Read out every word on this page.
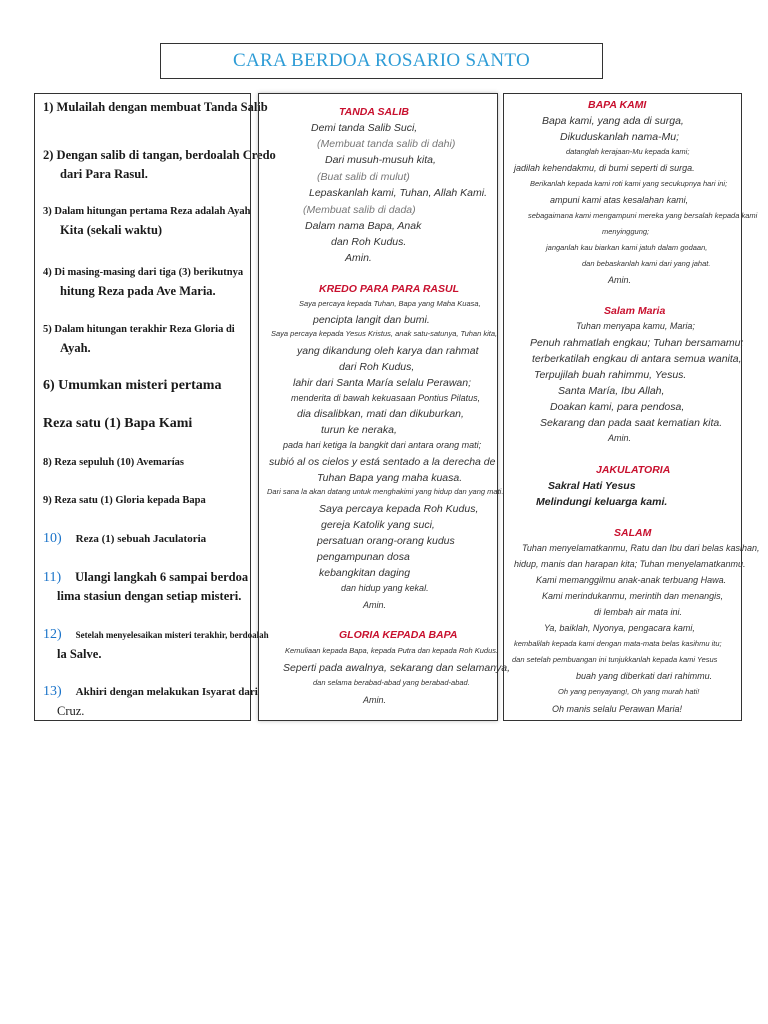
CARA BERDOA ROSARIO SANTO
1) Mulailah dengan membuat Tanda Salib
2) Dengan salib di tangan, berdoalah Credo
dari Para Rasul.
3) Dalam hitungan pertama Reza adalah Ayah
Kita (sekali waktu)
4) Di masing-masing dari tiga (3) berikutnya
hitung Reza pada Ave Maria.
5) Dalam hitungan terakhir Reza Gloria di
Ayah.
6) Umumkan misteri pertama
Reza satu (1) Bapa Kami
8) Reza sepuluh (10) Avemarías
9) Reza satu (1) Gloria kepada Bapa
10) Reza (1) sebuah Jaculatoria
11) Ulangi langkah 6 sampai berdoa
lima stasiun dengan setiap misteri.
12) Setelah menyelesaikan misteri terakhir, berdoalah
la Salve.
13) Akhiri dengan melakukan Isyarat dari
Cruz.
TANDA SALIB
Demi tanda Salib Suci,
(Membuat tanda salib di dahi)
Dari musuh-musuh kita,
(Buat salib di mulut)
Lepaskanlah kami, Tuhan, Allah Kami.
(Membuat salib di dada)
Dalam nama Bapa, Anak
dan Roh Kudus.
Amin.
KREDO PARA PARA RASUL
Saya percaya kepada Tuhan, Bapa yang Maha Kuasa,
pencipta langit dan bumi.
Saya percaya kepada Yesus Kristus, anak satu-satunya, Tuhan kita,
yang dikandung oleh karya dan rahmat
dari Roh Kudus,
lahir dari Santa María selalu Perawan;
menderita di bawah kekuasaan Pontius Pilatus,
dia disalibkan, mati dan dikuburkan,
turun ke neraka,
pada hari ketiga la bangkit dari antara orang mati;
subió al os cielos y está sentado a la derecha de
Tuhan Bapa yang maha kuasa.
Dari sana la akan datang untuk menghakimi yang hidup dan yang mati.
Saya percaya kepada Roh Kudus,
gereja Katolik yang suci,
persatuan orang-orang kudus
pengampunan dosa
kebangkitan daging
dan hidup yang kekal.
Amin.
GLORIA KEPADA BAPA
Kemuliaan kepada Bapa, kepada Putra dan kepada Roh Kudus.
Seperti pada awalnya, sekarang dan selamanya,
dan selama berabad-abad yang berabad-abad.
Amin.
BAPA KAMI
Bapa kami, yang ada di surga,
Dikuduskanlah nama-Mu;
datanglah kerajaan-Mu kepada kami;
jadilah kehendakmu, di bumi seperti di surga.
Berikanlah kepada kami roti kami yang secukupnya hari ini;
ampuni kami atas kesalahan kami,
sebagaimana kami mengampuni mereka yang bersalah kepada kami
menyinggung;
janganlah kau biarkan kami jatuh dalam godaan,
dan bebaskanlah kami dari yang jahat.
Amin.
Salam Maria
Tuhan menyapa kamu, Maria;
Penuh rahmatlah engkau; Tuhan bersamamu;
terberkatilah engkau di antara semua wanita,
Terpujilah buah rahimmu, Yesus.
Santa María, Ibu Allah,
Doakan kami, para pendosa,
Sekarang dan pada saat kematian kita.
Amin.
JAKULATORIA
Sakral Hati Yesus
Melindungi keluarga kami.
SALAM
Tuhan menyelamatkanmu, Ratu dan Ibu dari belas kasihan,
hidup, manis dan harapan kita; Tuhan menyelamatkanmu.
Kami memanggilmu anak-anak terbuang Hawa.
Kami merindukanmu, merintih dan menangis,
di lembah air mata ini.
Ya, baiklah, Nyonya, pengacara kami,
kembalilah kepada kami dengan mata-mata belas kasihmu itu;
dan setelah pembuangan ini tunjukkanlah kepada kami Yesus
buah yang diberkati dari rahimmu.
Oh yang penyayang!, Oh yang murah hati!
Oh manis selalu Perawan Maria!
